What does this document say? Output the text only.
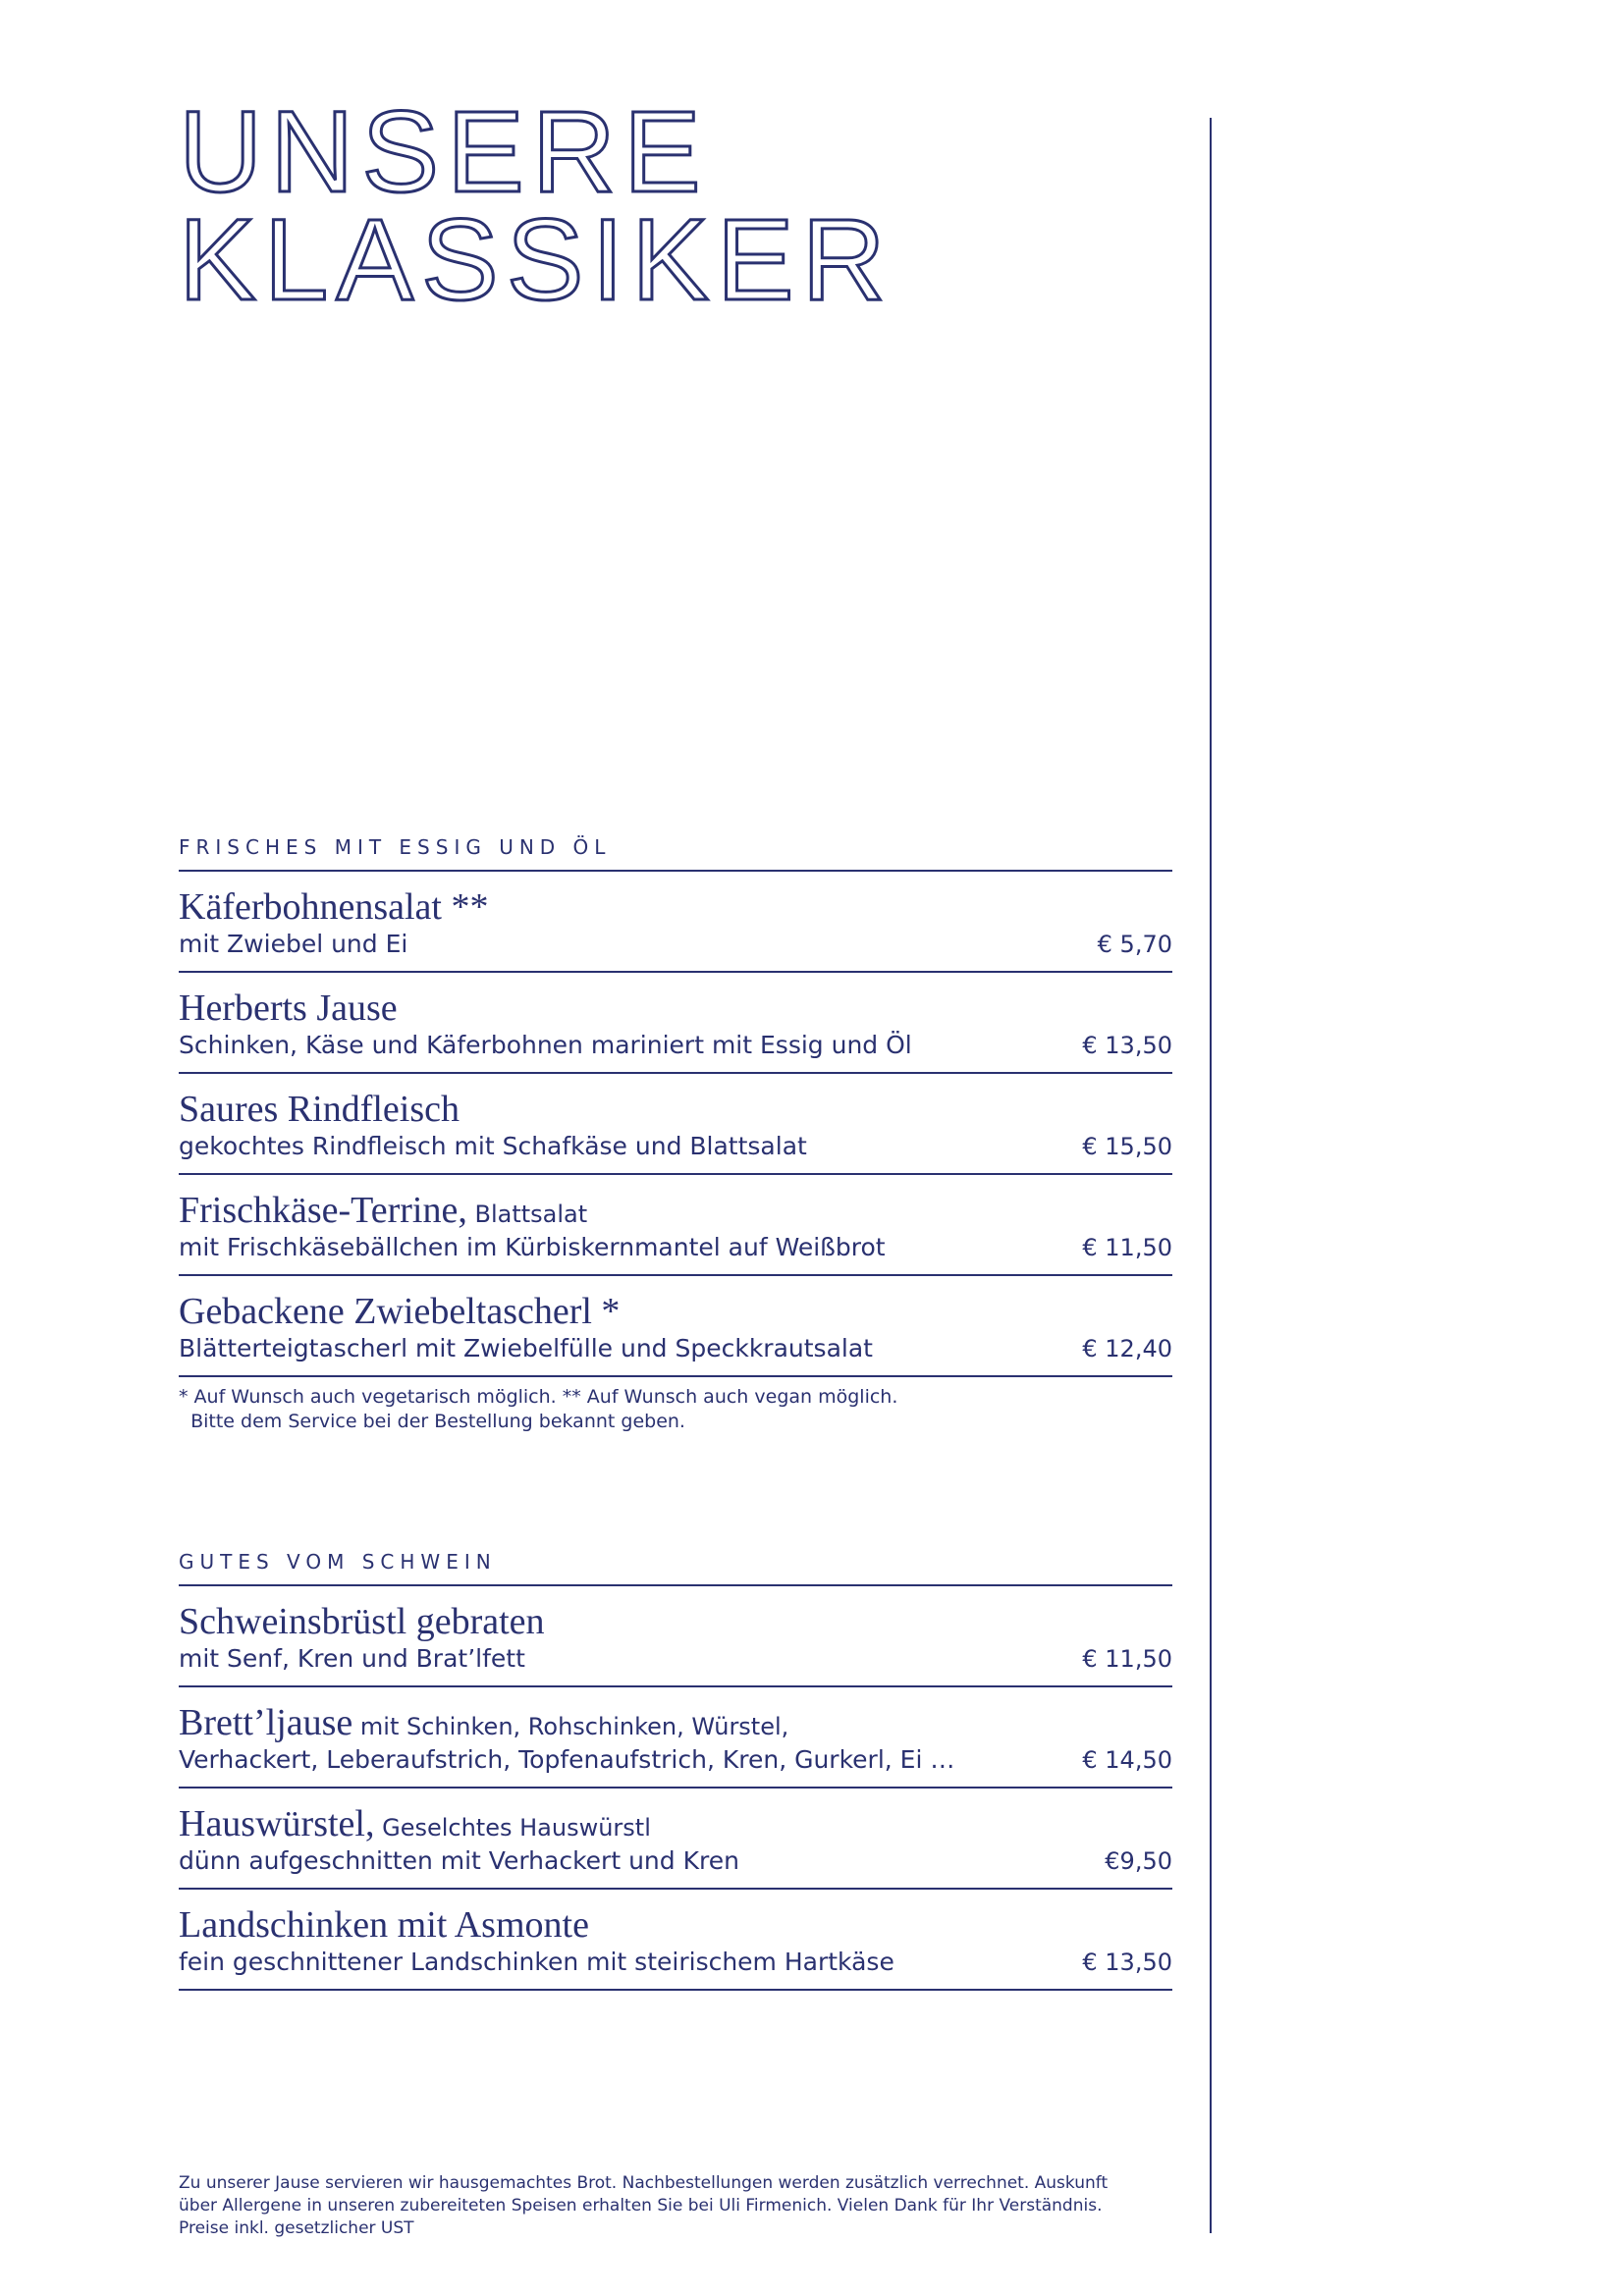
UNSERE
KLASSIKER
FRISCHES MIT ESSIG UND ÖL
Käferbohnensalat **
mit Zwiebel und Ei	€ 5,70
Herberts Jause
Schinken, Käse und Käferbohnen mariniert mit Essig und Öl	€ 13,50
Saures Rindfleisch
gekochtes Rindfleisch mit Schafkäse und Blattsalat	€ 15,50
Frischkäse-Terrine, Blattsalat
mit Frischkäsebällchen im Kürbiskernmantel auf Weißbrot	€ 11,50
Gebackene Zwiebeltascherl *
Blätterteigtascherl mit Zwiebelfülle und Speckkrautsalat	€ 12,40
* Auf Wunsch auch vegetarisch möglich. ** Auf Wunsch auch vegan möglich.
Bitte dem Service bei der Bestellung bekannt geben.
GUTES VOM SCHWEIN
Schweinsbrüstl gebraten
mit Senf, Kren und Brat’lfett	€ 11,50
Brett’ljause mit Schinken, Rohschinken, Würstel,
Verhackert, Leberaufstrich, Topfenaufstrich, Kren, Gurkerl, Ei …	€ 14,50
Hauswürstel, Geselchtes Hauswürstl
dünn aufgeschnitten mit Verhackert und Kren	€9,50
Landschinken mit Asmonte
fein geschnittener Landschinken mit steirischem Hartkäse	€ 13,50
Zu unserer Jause servieren wir hausgemachtes Brot. Nachbestellungen werden zusätzlich verrechnet. Auskunft
über Allergene in unseren zubereiteten Speisen erhalten Sie bei Uli Firmenich. Vielen Dank für Ihr Verständnis.
Preise inkl. gesetzlicher UST
